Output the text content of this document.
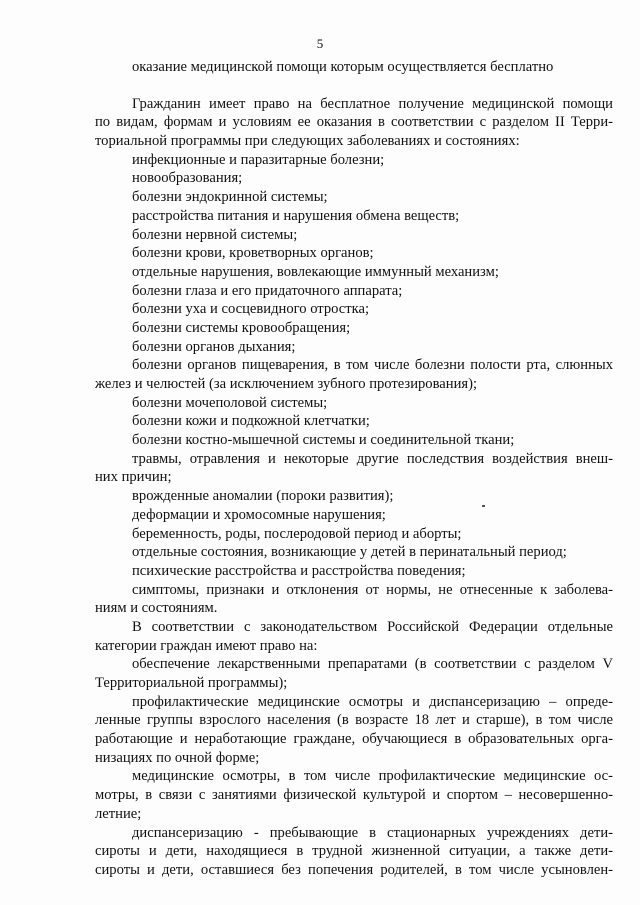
5
оказание медицинской помощи которым осуществляется бесплатно
Гражданин имеет право на бесплатное получение медицинской помощи
по видам, формам и условиям ее оказания в соответствии с разделом II Терри-
ториальной программы при следующих заболеваниях и состояниях:
инфекционные и паразитарные болезни;
новообразования;
болезни эндокринной системы;
расстройства питания и нарушения обмена веществ;
болезни нервной системы;
болезни крови, кроветворных органов;
отдельные нарушения, вовлекающие иммунный механизм;
болезни глаза и его придаточного аппарата;
болезни уха и сосцевидного отростка;
болезни системы кровообращения;
болезни органов дыхания;
болезни органов пищеварения, в том числе болезни полости рта, слюнных
желез и челюстей (за исключением зубного протезирования);
болезни мочеполовой системы;
болезни кожи и подкожной клетчатки;
болезни костно-мышечной системы и соединительной ткани;
травмы, отравления и некоторые другие последствия воздействия внеш-
них причин;
врожденные аномалии (пороки развития);
деформации и хромосомные нарушения;
беременность, роды, послеродовой период и аборты;
отдельные состояния, возникающие у детей в перинатальный период;
психические расстройства и расстройства поведения;
симптомы, признаки и отклонения от нормы, не отнесенные к заболева-
ниям и состояниям.
В соответствии с законодательством Российской Федерации отдельные
категории граждан имеют право на:
обеспечение лекарственными препаратами (в соответствии с разделом V
Территориальной программы);
профилактические медицинские осмотры и диспансеризацию – опреде-
ленные группы взрослого населения (в возрасте 18 лет и старше), в том числе
работающие и неработающие граждане, обучающиеся в образовательных орга-
низациях по очной форме;
медицинские осмотры, в том числе профилактические медицинские ос-
мотры, в связи с занятиями физической культурой и спортом – несовершенно-
летние;
диспансеризацию - пребывающие в стационарных учреждениях дети-
сироты и дети, находящиеся в трудной жизненной ситуации, а также дети-
сироты и дети, оставшиеся без попечения родителей, в том числе усыновлен-
